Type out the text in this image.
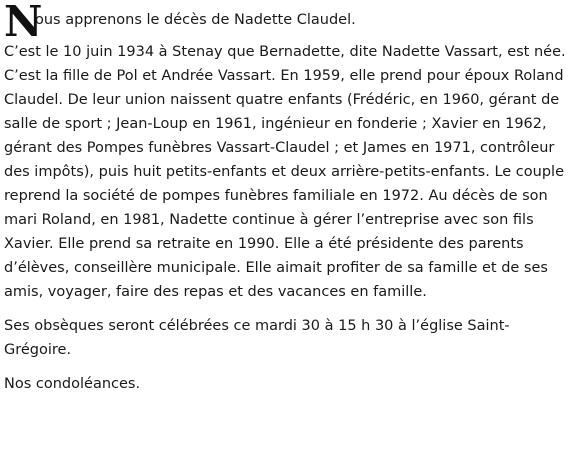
N
ous apprenons le décès de Nadette Claudel.

C’est le 10 juin 1934 à Stenay que Bernadette, dite Nadette Vassart, est née.
C’est la fille de Pol et Andrée Vassart. En 1959, elle prend pour époux Roland
Claudel. De leur union naissent quatre enfants (Frédéric, en 1960, gérant de
salle de sport ; Jean-Loup en 1961, ingénieur en fonderie ; Xavier en 1962,
gérant des Pompes funèbres Vassart-Claudel ; et James en 1971, contrôleur
des impôts), puis huit petits-enfants et deux arrière-petits-enfants. Le couple
reprend la société de pompes funèbres familiale en 1972. Au décès de son
mari Roland, en 1981, Nadette continue à gérer l’entreprise avec son fils
Xavier. Elle prend sa retraite en 1990. Elle a été présidente des parents
d’élèves, conseillère municipale. Elle aimait profiter de sa famille et de ses
amis, voyager, faire des repas et des vacances en famille.

Ses obsèques seront célébrées ce mardi 30 à 15 h 30 à l’église Saint-
Grégoire.

Nos condoléances.
